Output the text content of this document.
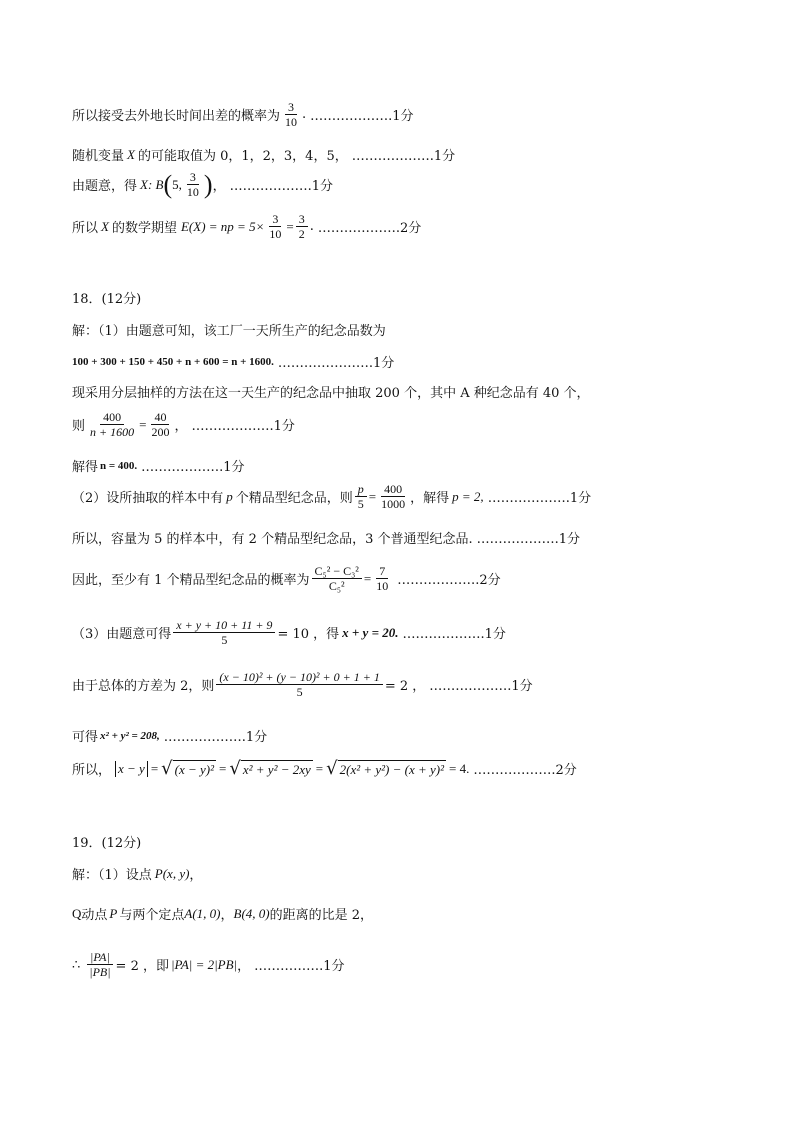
所以接受去外地长时间出差的概率为 $\frac{3}{10}$ . ……………….1分
随机变量 X 的可能取值为 0，1，2，3，4，5， ……………….1分
由题意，得 X : B ( 5, $\frac{3}{10}$ ) ， ……………….1分
所以 X 的数学期望 E(X) = np = $5\times \frac{3}{10} = \frac{3}{2}$ . ……………….2分
18．(12分)
解：（1）由题意可知，该工厂一天所生产的纪念品数为
100 + 300 + 150 + 450 + n + 600 = n + 1600. ………………….1分
现采用分层抽样的方法在这一天生产的纪念品中抽取 200 个，其中 A 种纪念品有 40 个，
则 $\frac{400}{n + 1600} = \frac{40}{200}$ ， ……………….1分
解得 n = 400. ……………….1分
（2）设所抽取的样本中有 p 个精品型纪念品，则 $\frac{p}{5} = \frac{400}{1000}$ ，解得 p = 2, ……………….1分
所以，容量为 5 的样本中，有 2 个精品型纪念品，3 个普通型纪念品. ……………….1分
因此，至少有 1 个精品型纪念品的概率为 $\frac{\text{C₅² − C₃²}}{\text{C₅²}} = \frac{7}{10}$ ……………….2分
（3）由题意可得 $\frac{x + y + 10 + 11 + 9}{5} = 10$ ，得 x + y = 20. ……………….1分
由于总体的方差为 2，则 $\frac{\text{(x − 10)² + (y − 10)² + 0 + 1 + 1}}{5} = 2$ ， ……………….1分
可得 x² + y² = 208, ……………….1分
所以， x − y = √ (x − y)² = √ x² + y² − 2xy = √ 2(x² + y²) − (x + y)² = 4. ……………….2分
19．(12分)
解：（1）设点 P(x, y) ，
Q 动点 P 与两个定点 A(1, 0) ， B(4, 0) 的距离的比是 2，
∴ $\frac{|PA|}{|PB|} = 2$ ，即 |PA| = 2|PB| ， …………….1分
